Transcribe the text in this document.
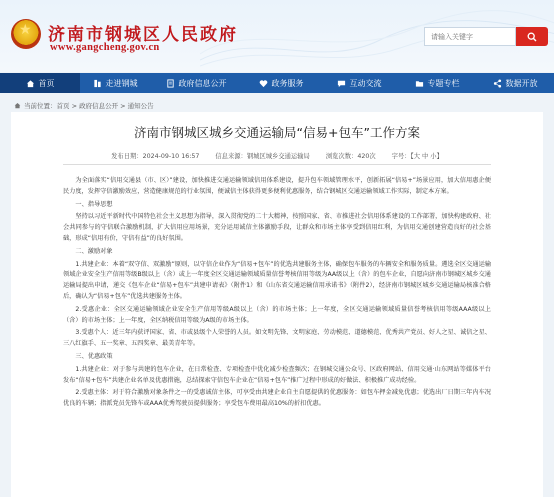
★
济南市钢城区人民政府
www.gangcheng.gov.cn
请输入关键字
首页	走进钢城	政府信息公开	政务服务	互动交流	专题专栏	数据开放
当前位置：首页 > 政府信息公开 > 通知公告
济南市钢城区城乡交通运输局“信易+包车”工作方案
发布日期：2024-09-10 16:57	信息来源：钢城区城乡交通运输局	浏览次数：420次	字号：【大 中 小】

为全面落实“信用交通县（市、区）”建设，加快推进交通运输领域信用体系建设，提升包车领域管理水平，创新拓展“信易+”场景应用，加大信用惠企便民力度，发挥守信激励效应，营造健康规范的行业氛围，便诚信主体获得更多便利优惠服务，结合钢城区交通运输领域工作实际，制定本方案。

一、指导思想

坚持以习近平新时代中国特色社会主义思想为指导，深入贯彻党的二十大精神，按照国家、省、市推进社会信用体系建设的工作部署，加快构建政府、社会共同参与的守信联合激励机制，扩大信用应用场景，充分运用诚信主体激励手段，让群众和市场主体享受到信用红利，为信用交通创建营造良好的社会基础，形成“信用有价，守信有益”的良好氛围。

二、激励对象

1.共建企业：本着“双守信、双激励”原则，以守信企业作为“信易+包车”的优选共建服务主体，确保包车服务的车辆安全和服务质量。遴选全区交通运输领域企业安全生产信用等级B级以上（含）或上一年度全区交通运输领域质量信誉考核信用等级为AA级以上（含）的包车企业，自愿向济南市钢城区城乡交通运输局提出申请，递交《包车企业“信易+包车”共建申请表》（附件1）和《山东省交通运输信用承诺书》（附件2），经济南市钢城区城乡交通运输局核准合格后，确认为“信易+包车”优选共建服务主体。

2.受惠企业：全区交通运输领域企业安全生产信用等级A级以上（含）的市场主体；上一年度，全区交通运输领域质量信誉考核信用等级AAA级以上（含）的市场主体；上一年度，全区纳税信用等级为A级的市场主体。

3.受惠个人：近三年内获评国家、省、市或县级个人荣誉的人员。如文明先锋、文明家庭、劳动模范、道德模范、优秀共产党员、好人之星、诚信之星、三八红旗手、五一奖章、五四奖章、最美青年等。

三、优惠政策

1.共建企业：对于参与共建的包车企业，在日常检查、专项检查中优化减少检查频次；在钢城交通公众号、区政府网站、信用交通·山东网站等媒体平台发布“信易+包车”共建企业名单及优惠措施，总结探索守信包车企业在“信易+包车”推广过程中形成的好做法、积极推广成功经验。

2.受惠主体：对于符合激励对象条件之一的受惠诚信主体，可享受由共建企业自主自愿提供的优惠服务：如包车押金减免优惠；优选出厂日期三年内车况优良的车辆；指派党员先锋车或AAA优秀驾驶员提供服务；享受包车费用最高10%的折扣优惠。
